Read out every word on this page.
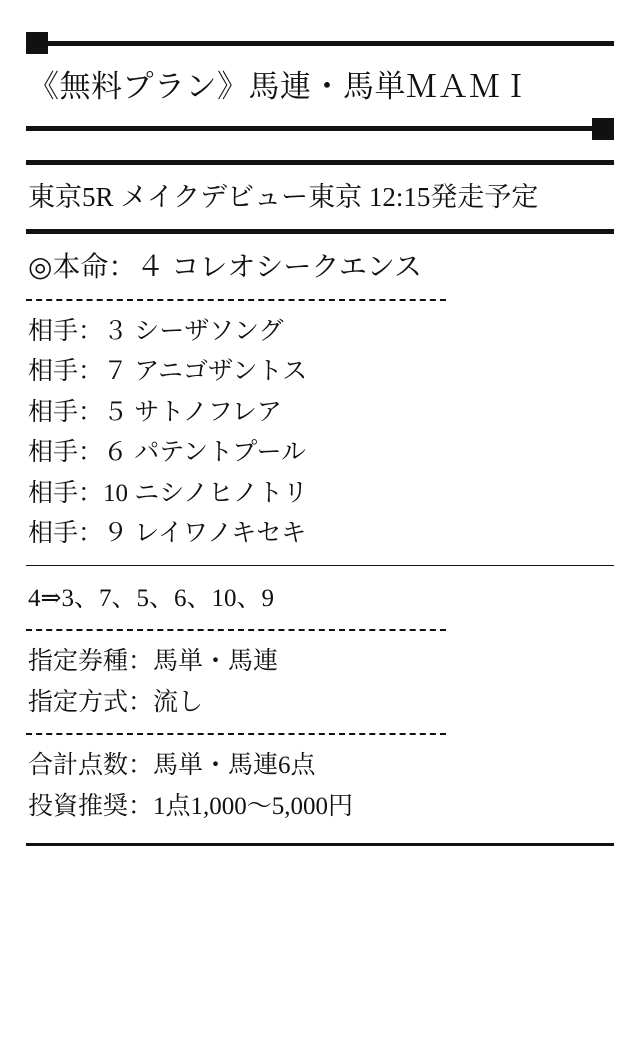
《無料プラン》馬連・馬単ＭＡＭＩ
東京5R メイクデビュー東京 12:15発走予定
◎本命：４ コレオシークエンス
相手：３ シーザソング
相手：７ アニゴザントス
相手：５ サトノフレア
相手：６ パテントプール
相手：10 ニシノヒノトリ
相手：９ レイワノキセキ
4⇒3、7、5、6、10、9
指定券種：馬単・馬連
指定方式：流し
合計点数：馬単・馬連6点
投資推奨：1点1,000〜5,000円
